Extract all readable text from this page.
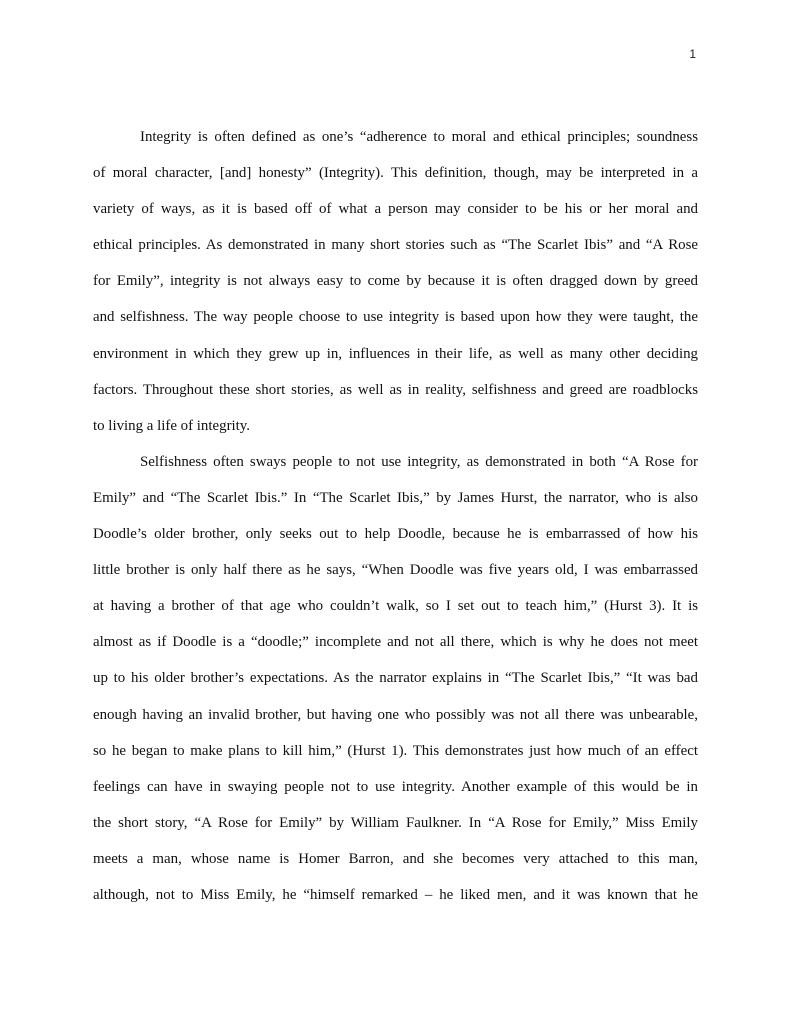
1
Integrity is often defined as one’s “adherence to moral and ethical principles; soundness
of moral character, [and] honesty” (Integrity). This definition, though, may be interpreted in a
variety of ways, as it is based off of what a person may consider to be his or her moral and
ethical principles. As demonstrated in many short stories such as “The Scarlet Ibis” and “A Rose
for Emily”, integrity is not always easy to come by because it is often dragged down by greed
and selfishness. The way people choose to use integrity is based upon how they were taught, the
environment in which they grew up in, influences in their life, as well as many other deciding
factors. Throughout these short stories, as well as in reality, selfishness and greed are roadblocks
to living a life of integrity.
Selfishness often sways people to not use integrity, as demonstrated in both “A Rose for
Emily” and “The Scarlet Ibis.” In “The Scarlet Ibis,” by James Hurst, the narrator, who is also
Doodle’s older brother, only seeks out to help Doodle, because he is embarrassed of how his
little brother is only half there as he says, “When Doodle was five years old, I was embarrassed
at having a brother of that age who couldn’t walk, so I set out to teach him,” (Hurst 3). It is
almost as if Doodle is a “doodle;” incomplete and not all there, which is why he does not meet
up to his older brother’s expectations. As the narrator explains in “The Scarlet Ibis,” “It was bad
enough having an invalid brother, but having one who possibly was not all there was unbearable,
so he began to make plans to kill him,” (Hurst 1). This demonstrates just how much of an effect
feelings can have in swaying people not to use integrity. Another example of this would be in
the short story, “A Rose for Emily” by William Faulkner. In “A Rose for Emily,” Miss Emily
meets a man, whose name is Homer Barron, and she becomes very attached to this man,
although, not to Miss Emily, he “himself remarked – he liked men, and it was known that he
